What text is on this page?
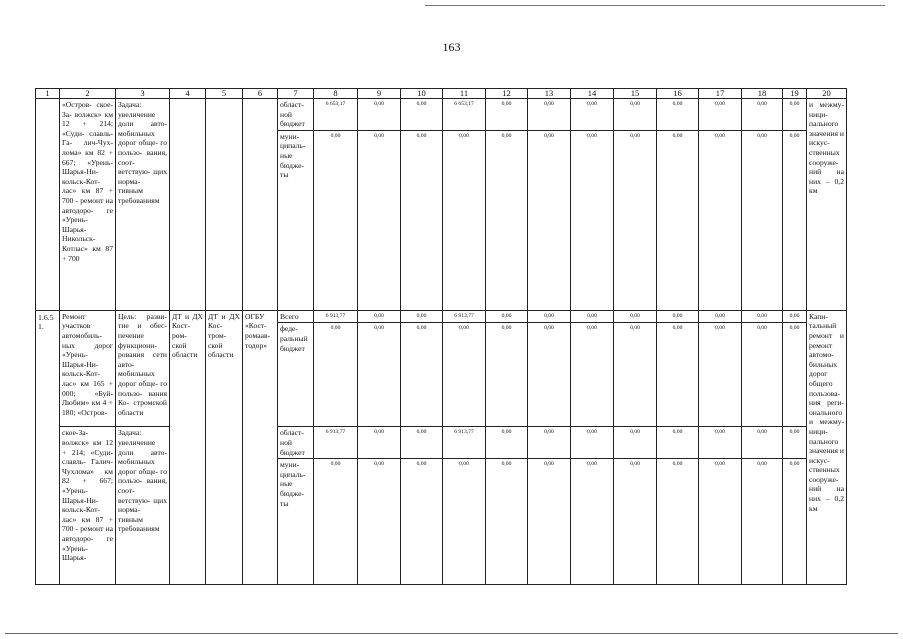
163
1	2	3	4	5	6	7	8	9	10	11	12	13	14	15	16	17	18	19	20
	«Остров- ское-За- волжск» км 12 + 214; «Суди- славль-Га- лич-Чух- лома» км 82 + 667; «Урень- Шарья-Ни- кольск-Кот- лас» км 87 + 700 - ремонт на автодоро- ге «Урень- Шарья- Никольск- Котлас» км 87 + 700	Задача: увеличение доли авто- мобильных дорог обще- го пользо- вания, соот- ветствую- щих норма- тивным требованиям				област- ной бюджет	6 653,17	0,00	0,00	6 653,17	0,00	0,00	0,00	0,00	0,00	0,00	0,00	0,00	и межму- ници- пального значения и искус- ственных сооруже- ний на них – 0,2 км
						муни- ципаль- ные бюдже- ты	0,00	0,00	0,00	0,00	0,00	0,00	0,00	0,00	0,00	0,00	0,00	0,00	
1.6.51.	Ремонт участков автомобиль- ных дорог «Урень- Шарья-Ни- кольск-Кот- лас» км 165 + 000; «Буй- Любим» км 4 + 180; «Остров-	Цель: разви- тие и обес- печение функциони- рования сети авто- мобильных дорог обще- го пользо- вания Ко- стромской области	ДТ и ДХ Кост- ром- ской области	ДТ и ДХ Кос- тром- ской области	ОГБУ «Кост- ромаав- тодор»	Всего	6 913,77	0,00	0,00	6 913,77	0,00	0,00	0,00	0,00	0,00	0,00	0,00	0,00	Капи- тальный ремонт и ремонт автомо- бильных дорог общего пользова- ния реги- онального и межму- ници- пального значения и искус- ственных сооруже- ний на них – 0,2 км
						феде- ральный бюджет	0,00	0,00	0,00	0,00	0,00	0,00	0,00	0,00	0,00	0,00	0,00	0,00	
	ское-За- волжск» км 12 + 214; «Суди- славль- Галич- Чухлома» км 82 + 667; «Урень- Шарья-Ни- кольск-Кот- лас» км 87 + 700 - ремонт на автодоро- ге «Урень- Шарья-	Задача: увеличение доли авто- мобильных дорог обще- го пользо- вания, соот- ветствую- щих норма- тивным требованиям				област- ной бюджет	6 913,77	0,00	0,00	6 913,77	0,00	0,00	0,00	0,00	0,00	0,00	0,00	0,00	
						муни- ципаль- ные бюдже- ты	0,00	0,00	0,00	0,00	0,00	0,00	0,00	0,00	0,00	0,00	0,00	0,00	
